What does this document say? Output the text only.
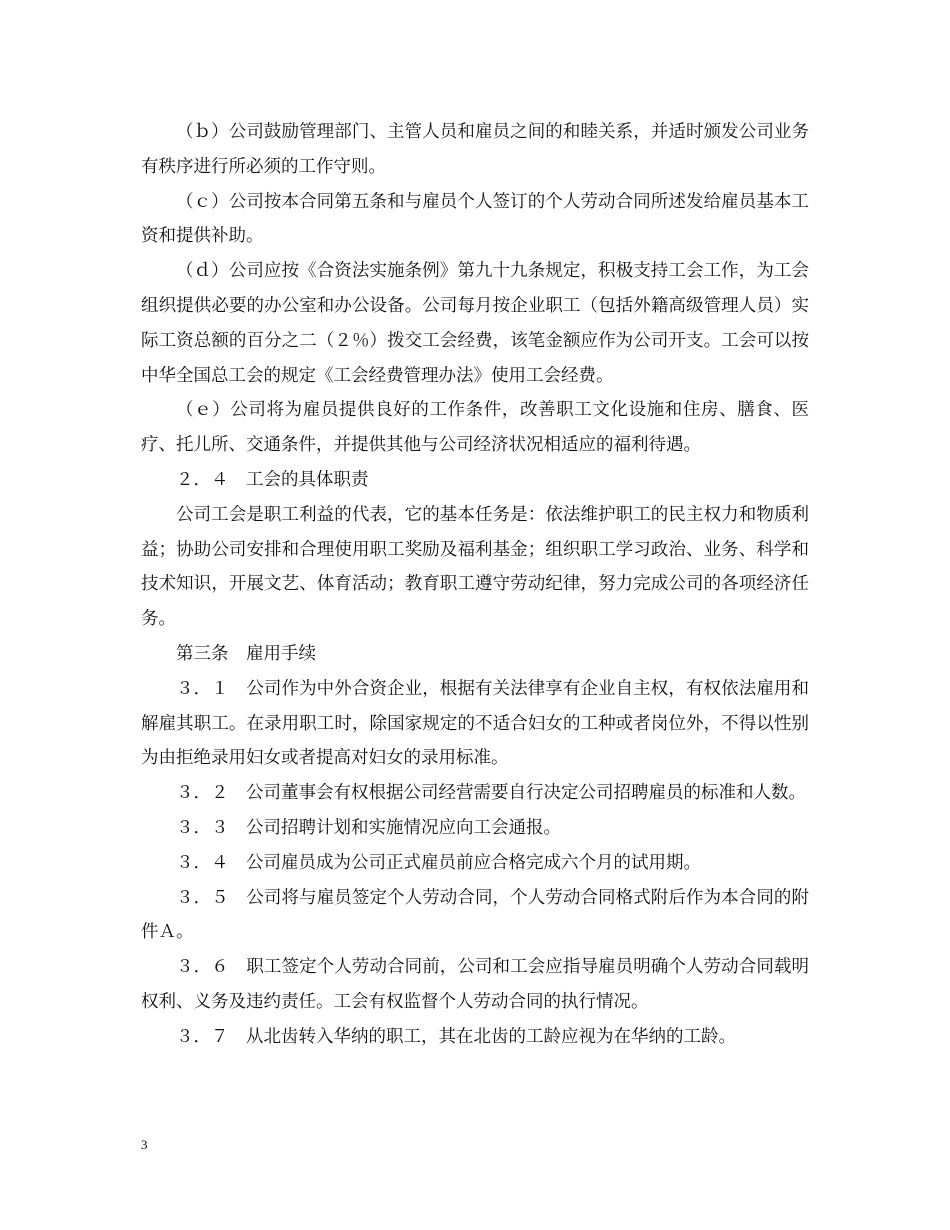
（ｂ）公司鼓励管理部门、主管人员和雇员之间的和睦关系，并适时颁发公司业务有秩序进行所必须的工作守则。

（ｃ）公司按本合同第五条和与雇员个人签订的个人劳动合同所述发给雇员基本工资和提供补助。

（ｄ）公司应按《合资法实施条例》第九十九条规定，积极支持工会工作，为工会组织提供必要的办公室和办公设备。公司每月按企业职工（包括外籍高级管理人员）实际工资总额的百分之二（２％）拨交工会经费，该笔金额应作为公司开支。工会可以按中华全国总工会的规定《工会经费管理办法》使用工会经费。

（ｅ）公司将为雇员提供良好的工作条件，改善职工文化设施和住房、膳食、医疗、托儿所、交通条件，并提供其他与公司经济状况相适应的福利待遇。

２．４　工会的具体职责

公司工会是职工利益的代表，它的基本任务是：依法维护职工的民主权力和物质利益；协助公司安排和合理使用职工奖励及福利基金；组织职工学习政治、业务、科学和技术知识，开展文艺、体育活动；教育职工遵守劳动纪律，努力完成公司的各项经济任务。

第三条　雇用手续

３．１　公司作为中外合资企业，根据有关法律享有企业自主权，有权依法雇用和解雇其职工。在录用职工时，除国家规定的不适合妇女的工种或者岗位外，不得以性别为由拒绝录用妇女或者提高对妇女的录用标准。

３．２　公司董事会有权根据公司经营需要自行决定公司招聘雇员的标准和人数。

３．３　公司招聘计划和实施情况应向工会通报。

３．４　公司雇员成为公司正式雇员前应合格完成六个月的试用期。

３．５　公司将与雇员签定个人劳动合同，个人劳动合同格式附后作为本合同的附件Ａ。

３．６　职工签定个人劳动合同前，公司和工会应指导雇员明确个人劳动合同载明权利、义务及违约责任。工会有权监督个人劳动合同的执行情况。

３．７　从北齿转入华纳的职工，其在北齿的工龄应视为在华纳的工龄。

3
